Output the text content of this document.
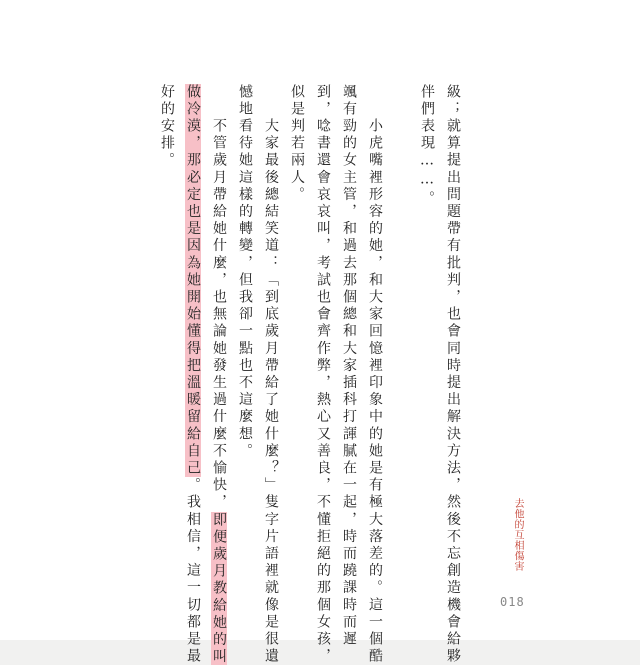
級；就算提出問題帶有批判，也會同時提出解決方法，然後不忘創造機會給夥
伴們表現……。
　　小虎嘴裡形容的她，和大家回憶裡印象中的她是有極大落差的。這一個酷
颯有勁的女主管，和過去那個總和大家插科打諢膩在一起，時而蹺課時而遲
到，唸書還會哀哀叫，考試也會齊作弊，熱心又善良，不懂拒絕的那個女孩，
似是判若兩人。
　　大家最後總結笑道：「到底歲月帶給了她什麼？」隻字片語裡就像是很遺
憾地看待她這樣的轉變，但我卻一點也不這麼想。
　　不管歲月帶給她什麼，也無論她發生過什麼不愉快，即便歲月教給她的叫
做冷漠，那必定也是因為她開始懂得把溫暖留給自己。我相信，這一切都是最
好的安排。
去他的互相傷害
018
